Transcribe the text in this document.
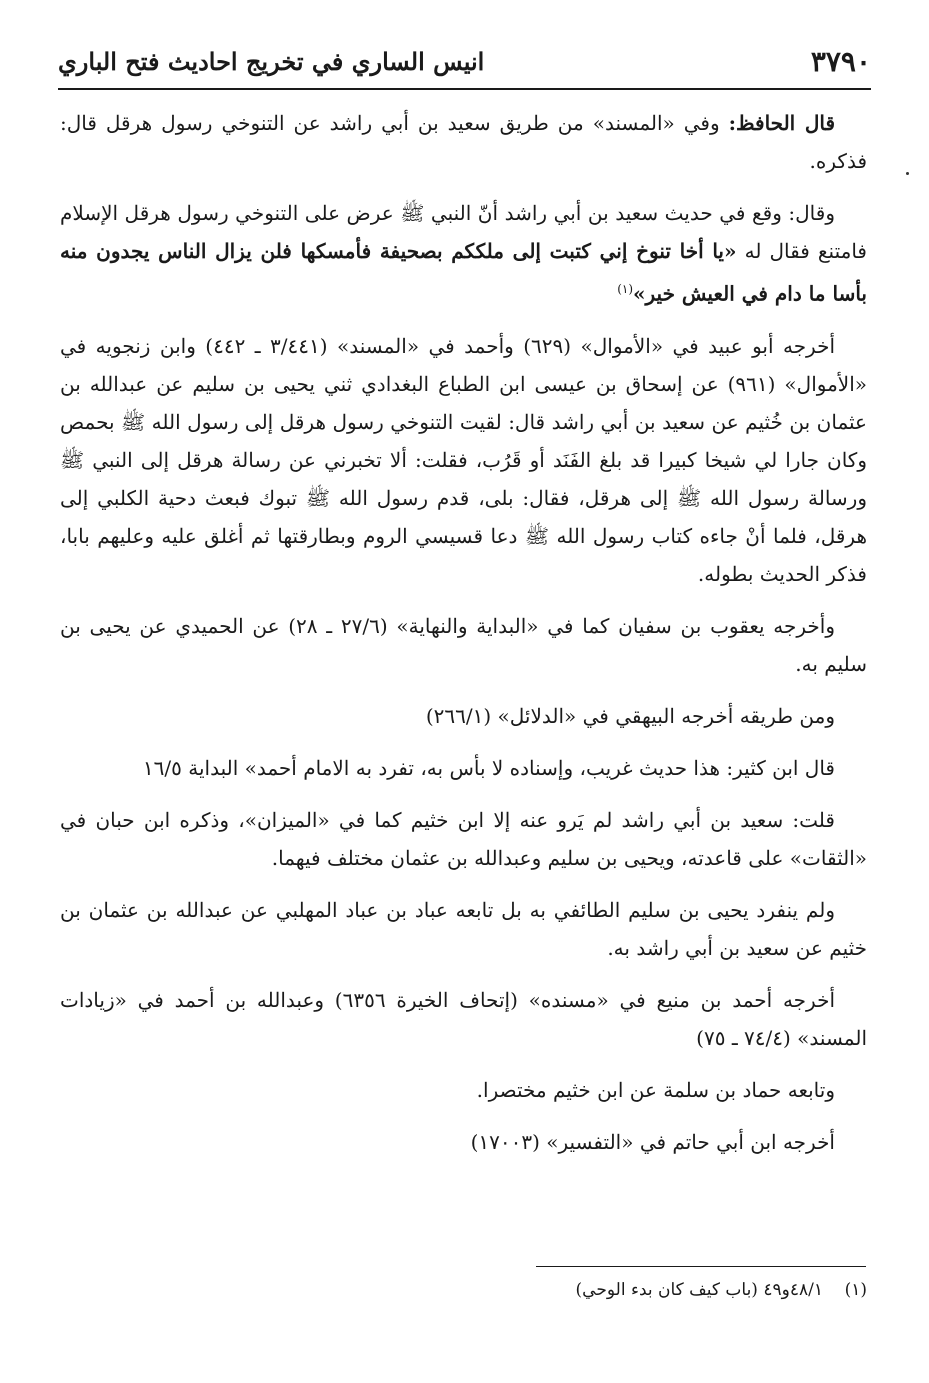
انيس الساري في تخريج احاديث فتح الباري	٣٧٩٠

قال الحافظ: وفي «المسند» من طريق سعيد بن أبي راشد عن التنوخي رسول هرقل قال: فذكره.

وقال: وقع في حديث سعيد بن أبي راشد أنّ النبي ﷺ عرض على التنوخي رسول هرقل الإسلام فامتنع فقال له «يا أخا تنوخ إني كتبت إلى ملككم بصحيفة فأمسكها فلن يزال الناس يجدون منه بأسا ما دام في العيش خير»$^{(١)}$

أخرجه أبو عبيد في «الأموال» (٦٢٩) وأحمد في «المسند» (٣/٤٤١ ـ ٤٤٢) وابن زنجويه في «الأموال» (٩٦١) عن إسحاق بن عيسى ابن الطباع البغدادي ثني يحيى بن سليم عن عبدالله بن عثمان بن خُثيم عن سعيد بن أبي راشد قال: لقيت التنوخي رسول هرقل إلى رسول الله ﷺ بحمص وكان جارا لي شيخا كبيرا قد بلغ الفَنَد أو قَرُب، فقلت: ألا تخبرني عن رسالة هرقل إلى النبي ﷺ ورسالة رسول الله ﷺ إلى هرقل، فقال: بلى، قدم رسول الله ﷺ تبوك فبعث دحية الكلبي إلى هرقل، فلما أنْ جاءه كتاب رسول الله ﷺ دعا قسيسي الروم وبطارقتها ثم أغلق عليه وعليهم بابا، فذكر الحديث بطوله.

وأخرجه يعقوب بن سفيان كما في «البداية والنهاية» (٢٧/٦ ـ ٢٨) عن الحميدي عن يحيى بن سليم به.

ومن طريقه أخرجه البيهقي في «الدلائل» (٢٦٦/١)

قال ابن كثير: هذا حديث غريب، وإسناده لا بأس به، تفرد به الامام أحمد» البداية ١٦/٥

قلت: سعيد بن أبي راشد لم يَرو عنه إلا ابن خثيم كما في «الميزان»، وذكره ابن حبان في «الثقات» على قاعدته، ويحيى بن سليم وعبدالله بن عثمان مختلف فيهما.

ولم ينفرد يحيى بن سليم الطائفي به بل تابعه عباد بن عباد المهلبي عن عبدالله بن عثمان بن خثيم عن سعيد بن أبي راشد به.

أخرجه أحمد بن منيع في «مسنده» (إتحاف الخيرة ٦٣٥٦) وعبدالله بن أحمد في «زيادات المسند» (٧٤/٤ ـ ٧٥)

وتابعه حماد بن سلمة عن ابن خثيم مختصرا.

أخرجه ابن أبي حاتم في «التفسير» (١٧٠٠٣)

(١)    ٤٨/١و٤٩ (باب كيف كان بدء الوحي)
